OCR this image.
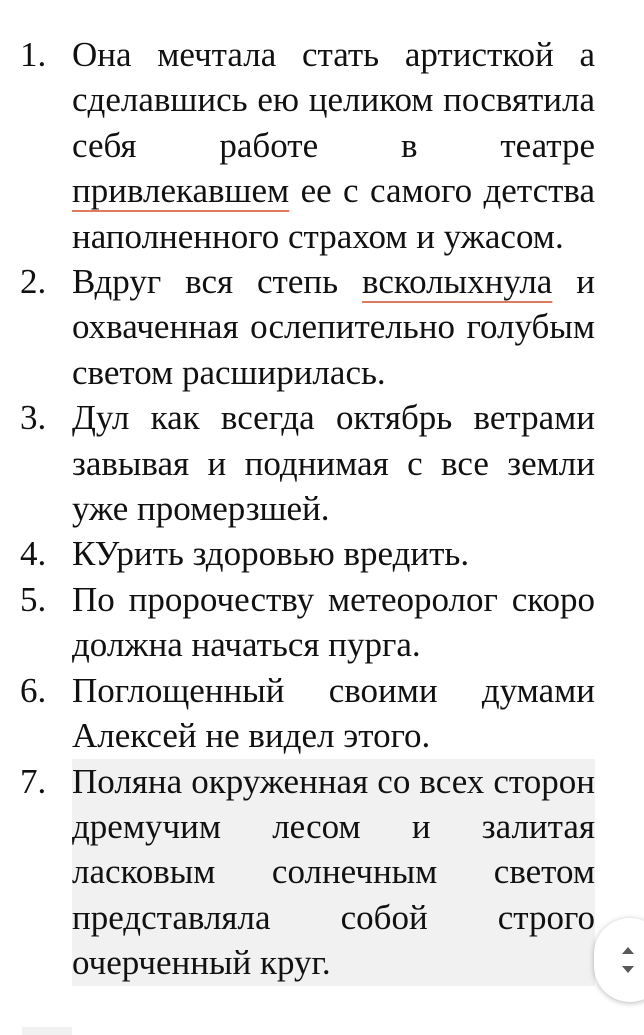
1. Она мечтала стать артисткой а сделавшись ею целиком посвятила себя работе в театре привлекавшем ее с самого детства наполненного страхом и ужасом.
2. Вдруг вся степь всколыхнула и охваченная ослепительно голубым светом расширилась.
3. Дул как всегда октябрь ветрами завывая и поднимая с все земли уже промерзшей.
4. КУрить здоровью вредить.
5. По пророчеству метеоролог скоро должна начаться пурга.
6. Поглощенный своими думами Алексей не видел этого.
7. Поляна окруженная со всех сторон дремучим лесом и залитая ласковым солнечным светом представляла собой строго очерченный круг.
